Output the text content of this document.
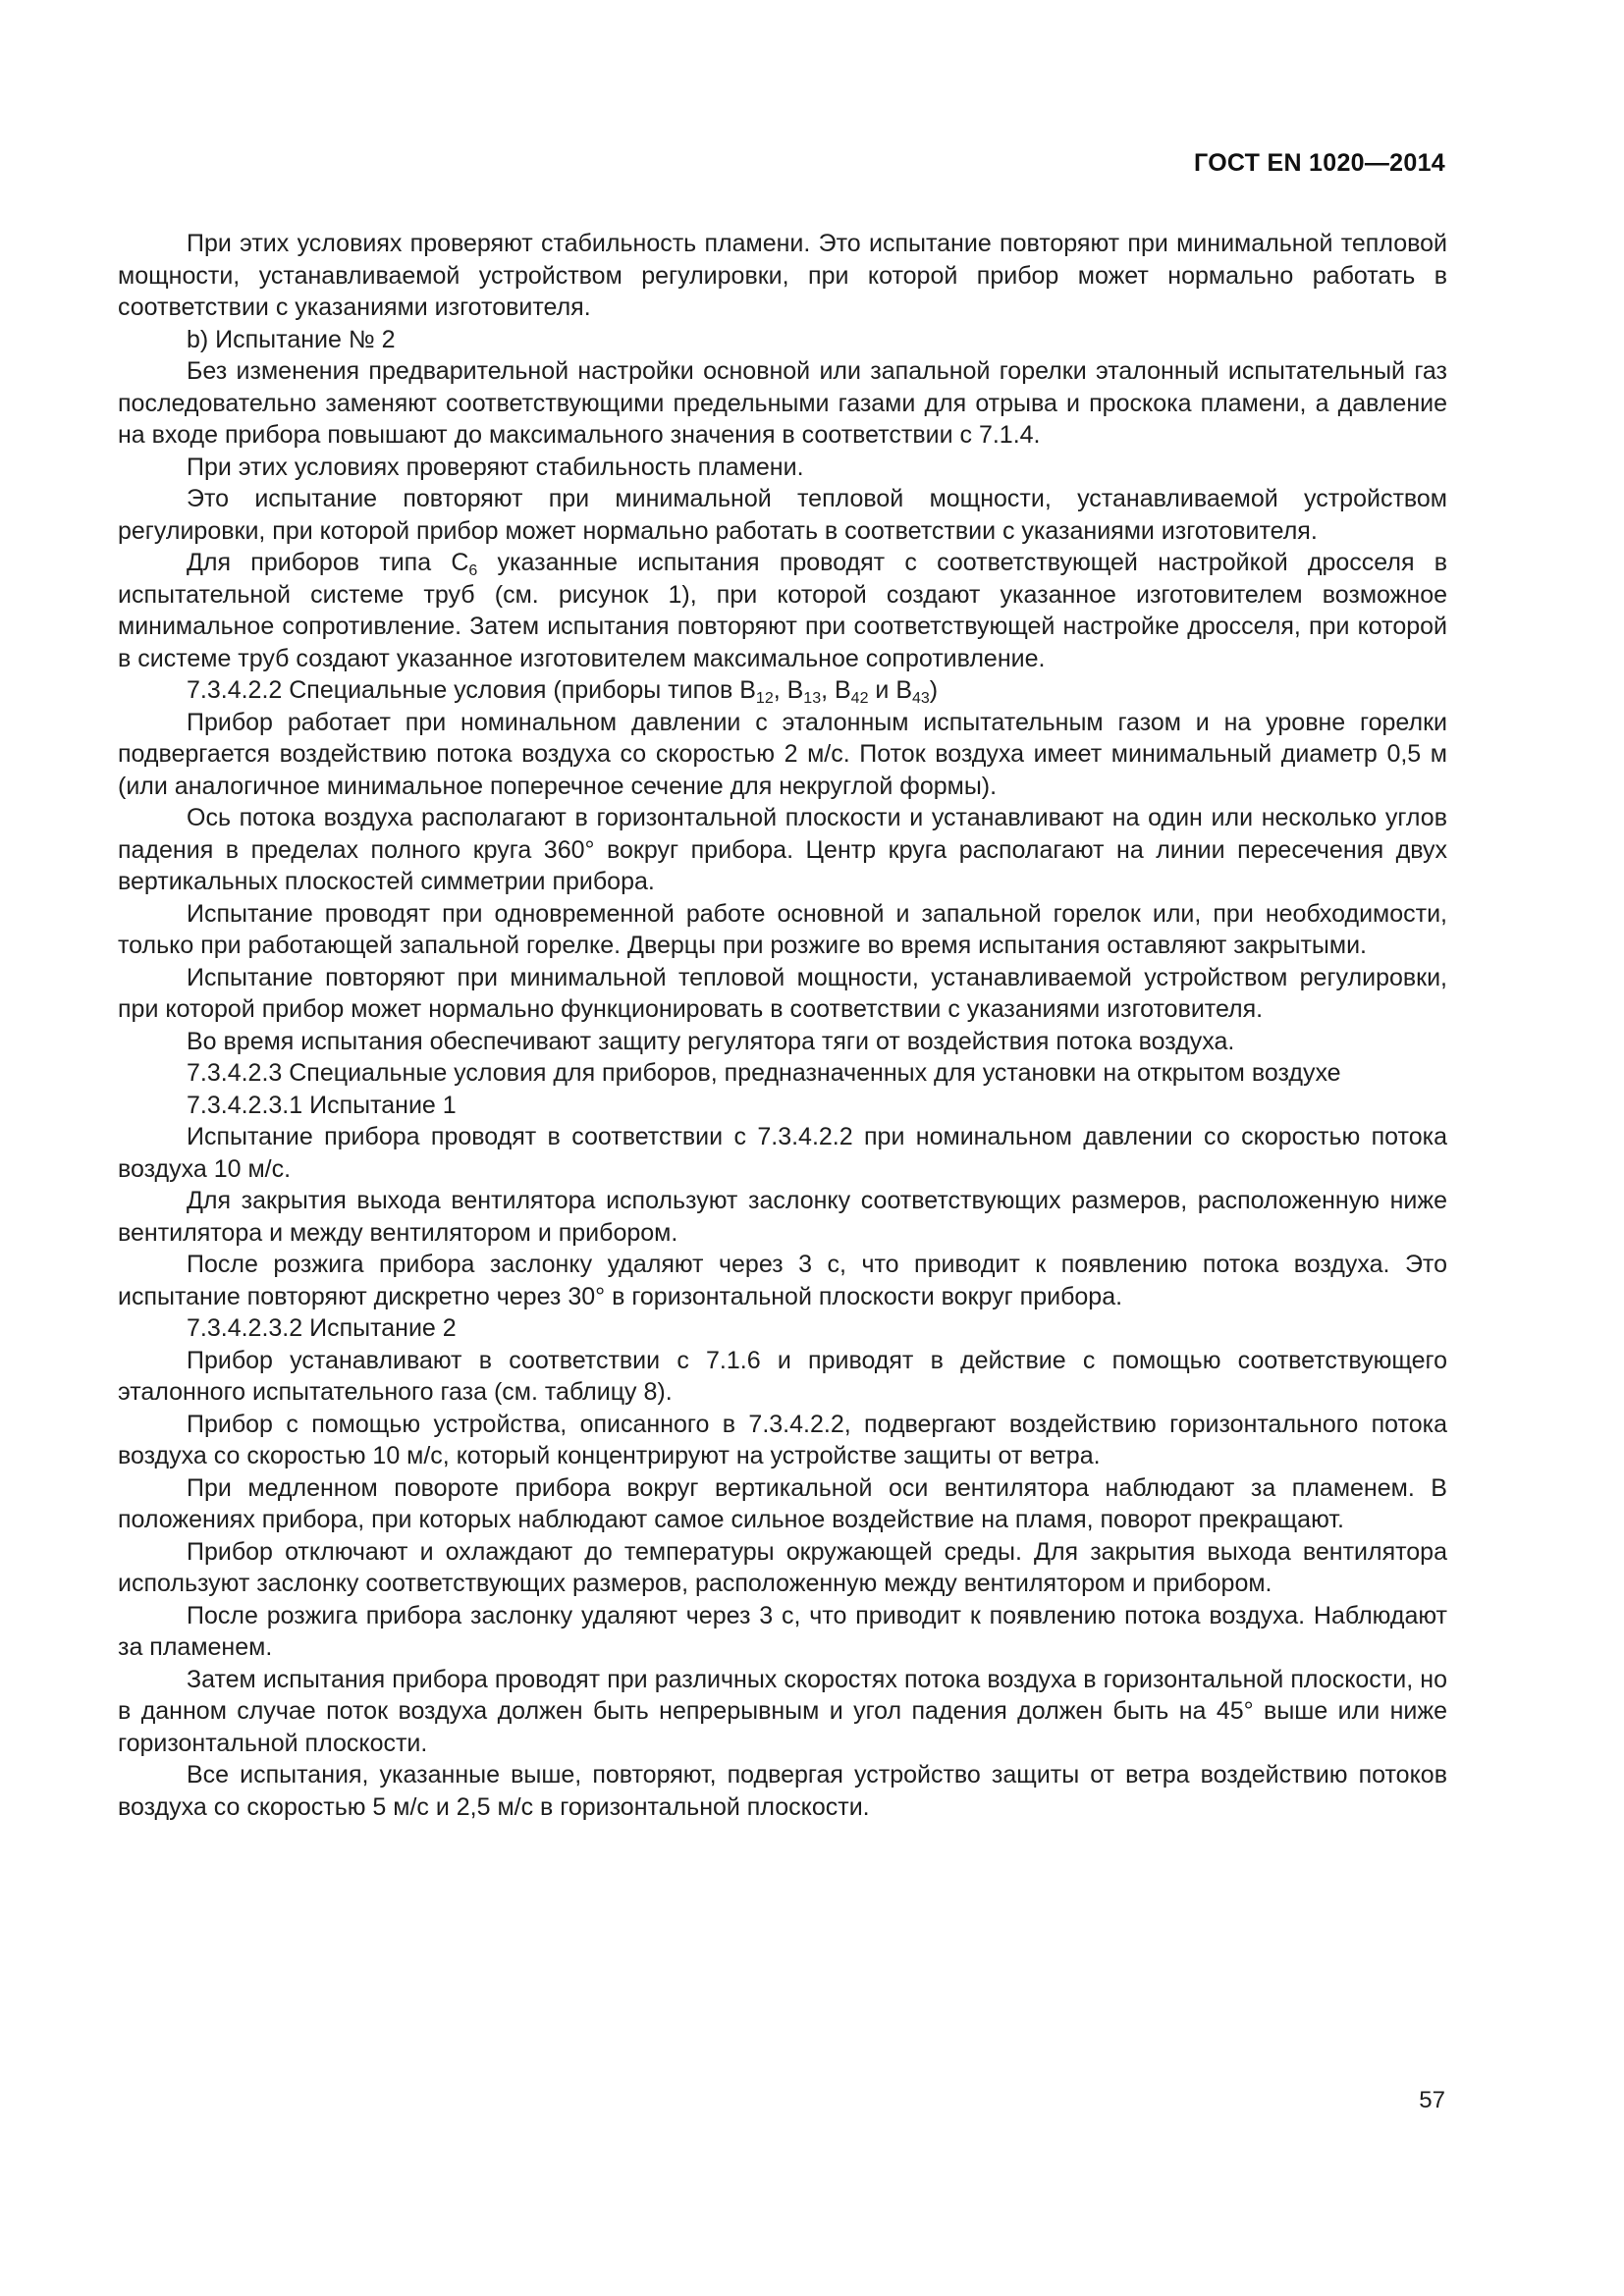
ГОСТ EN 1020—2014

При этих условиях проверяют стабильность пламени. Это испытание повторяют при минимальной тепловой мощности, устанавливаемой устройством регулировки, при которой прибор может нормально работать в соответствии с указаниями изготовителя.

b) Испытание № 2

Без изменения предварительной настройки основной или запальной горелки эталонный испытательный газ последовательно заменяют соответствующими предельными газами для отрыва и проскока пламени, а давление на входе прибора повышают до максимального значения в соответствии с 7.1.4.

При этих условиях проверяют стабильность пламени.

Это испытание повторяют при минимальной тепловой мощности, устанавливаемой устройством регулировки, при которой прибор может нормально работать в соответствии с указаниями изготовителя.

Для приборов типа $С_6$ указанные испытания проводят с соответствующей настройкой дросселя в испытательной системе труб (см. рисунок 1), при которой создают указанное изготовителем возможное минимальное сопротивление. Затем испытания повторяют при соответствующей настройке дросселя, при которой в системе труб создают указанное изготовителем максимальное сопротивление.

7.3.4.2.2 Специальные условия (приборы типов $В_{12}$, $В_{13}$, $В_{42}$ и $В_{43}$)

Прибор работает при номинальном давлении с эталонным испытательным газом и на уровне горелки подвергается воздействию потока воздуха со скоростью 2 м/с. Поток воздуха имеет минимальный диаметр 0,5 м (или аналогичное минимальное поперечное сечение для некруглой формы).

Ось потока воздуха располагают в горизонтальной плоскости и устанавливают на один или несколько углов падения в пределах полного круга 360° вокруг прибора. Центр круга располагают на линии пересечения двух вертикальных плоскостей симметрии прибора.

Испытание проводят при одновременной работе основной и запальной горелок или, при необходимости, только при работающей запальной горелке. Дверцы при розжиге во время испытания оставляют закрытыми.

Испытание повторяют при минимальной тепловой мощности, устанавливаемой устройством регулировки, при которой прибор может нормально функционировать в соответствии с указаниями изготовителя.

Во время испытания обеспечивают защиту регулятора тяги от воздействия потока воздуха.

7.3.4.2.3 Специальные условия для приборов, предназначенных для установки на открытом воздухе

7.3.4.2.3.1 Испытание 1

Испытание прибора проводят в соответствии с 7.3.4.2.2 при номинальном давлении со скоростью потока воздуха 10 м/с.

Для закрытия выхода вентилятора используют заслонку соответствующих размеров, расположенную ниже вентилятора и между вентилятором и прибором.

После розжига прибора заслонку удаляют через 3 с, что приводит к появлению потока воздуха. Это испытание повторяют дискретно через 30° в горизонтальной плоскости вокруг прибора.

7.3.4.2.3.2 Испытание 2

Прибор устанавливают в соответствии с 7.1.6 и приводят в действие с помощью соответствующего эталонного испытательного газа (см. таблицу 8).

Прибор с помощью устройства, описанного в 7.3.4.2.2, подвергают воздействию горизонтального потока воздуха со скоростью 10 м/с, который концентрируют на устройстве защиты от ветра.

При медленном повороте прибора вокруг вертикальной оси вентилятора наблюдают за пламенем. В положениях прибора, при которых наблюдают самое сильное воздействие на пламя, поворот прекращают.

Прибор отключают и охлаждают до температуры окружающей среды. Для закрытия выхода вентилятора используют заслонку соответствующих размеров, расположенную между вентилятором и прибором.

После розжига прибора заслонку удаляют через 3 с, что приводит к появлению потока воздуха. Наблюдают за пламенем.

Затем испытания прибора проводят при различных скоростях потока воздуха в горизонтальной плоскости, но в данном случае поток воздуха должен быть непрерывным и угол падения должен быть на 45° выше или ниже горизонтальной плоскости.

Все испытания, указанные выше, повторяют, подвергая устройство защиты от ветра воздействию потоков воздуха со скоростью 5 м/с и 2,5 м/с в горизонтальной плоскости.

57
